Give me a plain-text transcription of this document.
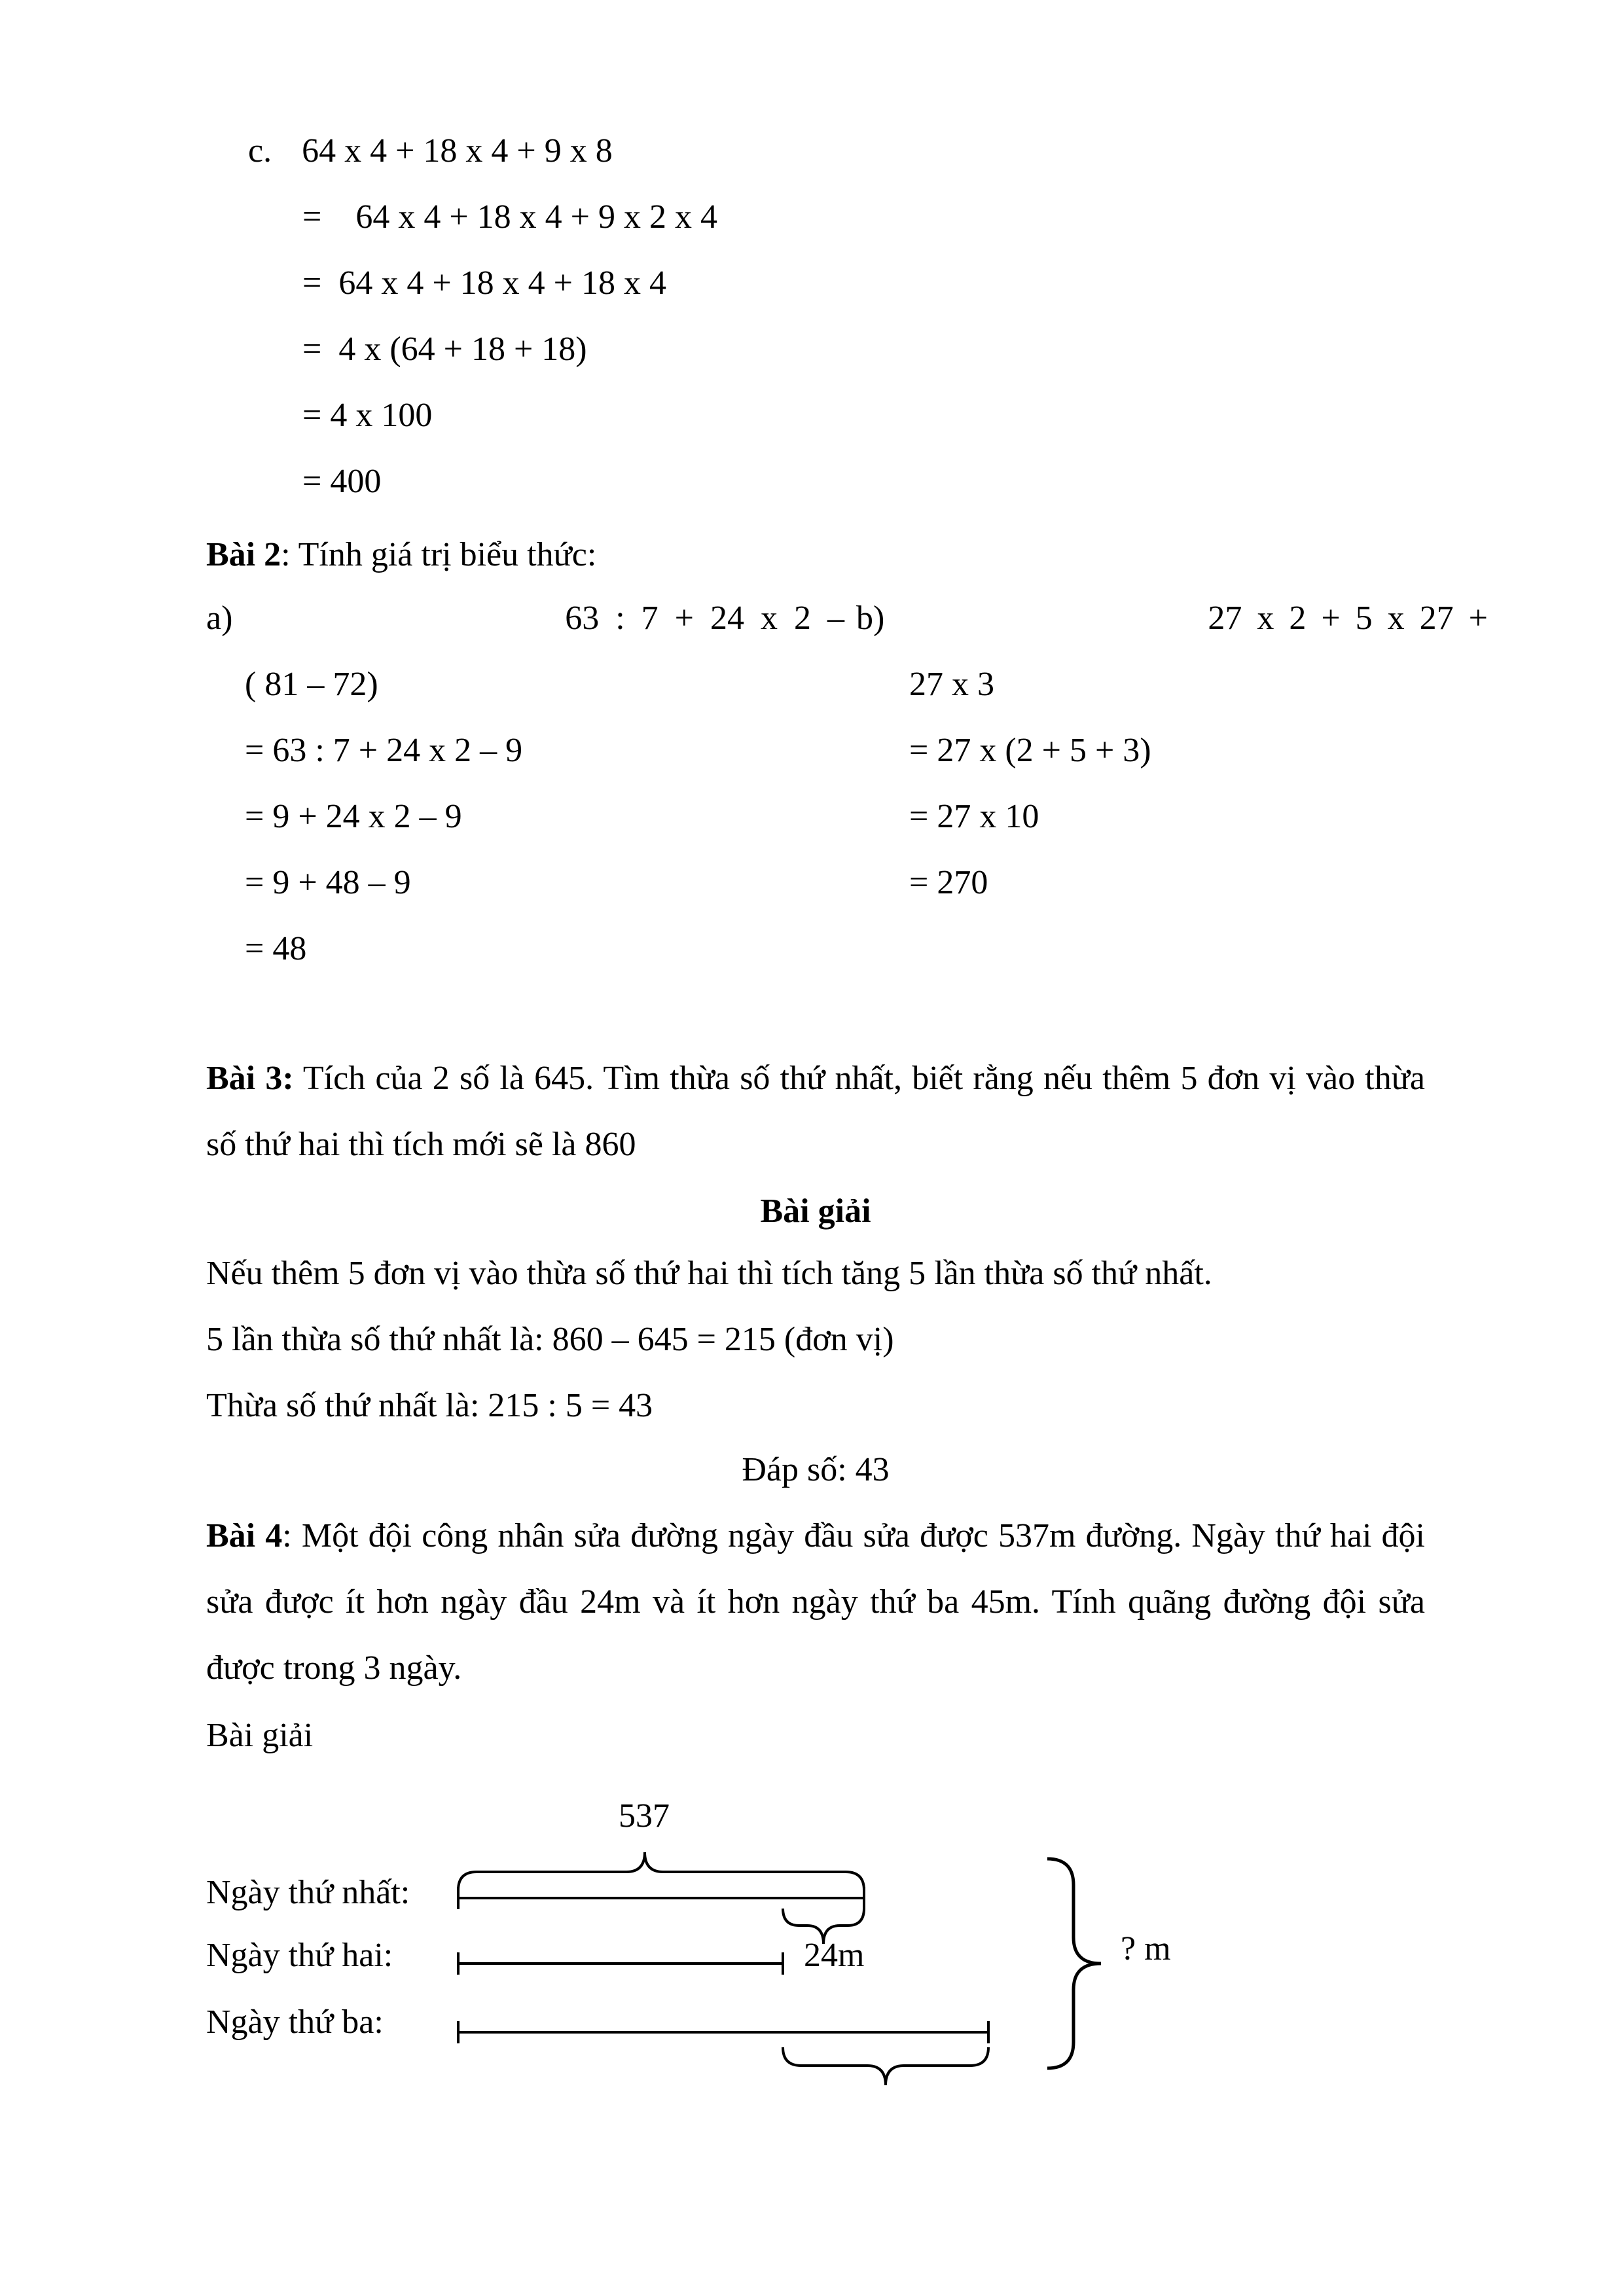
c. 64 x 4 + 18 x 4 + 9 x 8
=    64 x 4 + 18 x 4 + 9 x 2 x 4
=  64 x 4 + 18 x 4 + 18 x 4
=  4 x (64 + 18 + 18)
= 4 x 100
= 400
Bài 2: Tính giá trị biểu thức:
a)	63 : 7 + 24 x 2 –
( 81 – 72)
= 63 : 7 + 24 x 2 – 9
= 9 + 24 x 2 – 9
= 9 + 48 – 9
= 48
b)	27 x 2 + 5 x 27 +
27 x 3
= 27 x (2 + 5 + 3)
= 27 x 10
= 270

Bài 3: Tích của 2 số là 645. Tìm thừa số thứ nhất, biết rằng nếu thêm 5 đơn vị vào thừa số thứ hai thì tích mới sẽ là 860

Bài giải
Nếu thêm 5 đơn vị vào thừa số thứ hai thì tích tăng 5 lần thừa số thứ nhất.
5 lần thừa số thứ nhất là: 860 – 645 = 215 (đơn vị)
Thừa số thứ nhất là: 215 : 5 = 43
Đáp số: 43

Bài 4: Một đội công nhân sửa đường ngày đầu sửa được 537m đường. Ngày thứ hai đội sửa được ít hơn ngày đầu 24m và ít hơn ngày thứ ba 45m. Tính quãng đường đội sửa được trong 3 ngày.

Bài giải
537
Ngày thứ nhất:
Ngày thứ hai:	24m
Ngày thứ ba:
? m
